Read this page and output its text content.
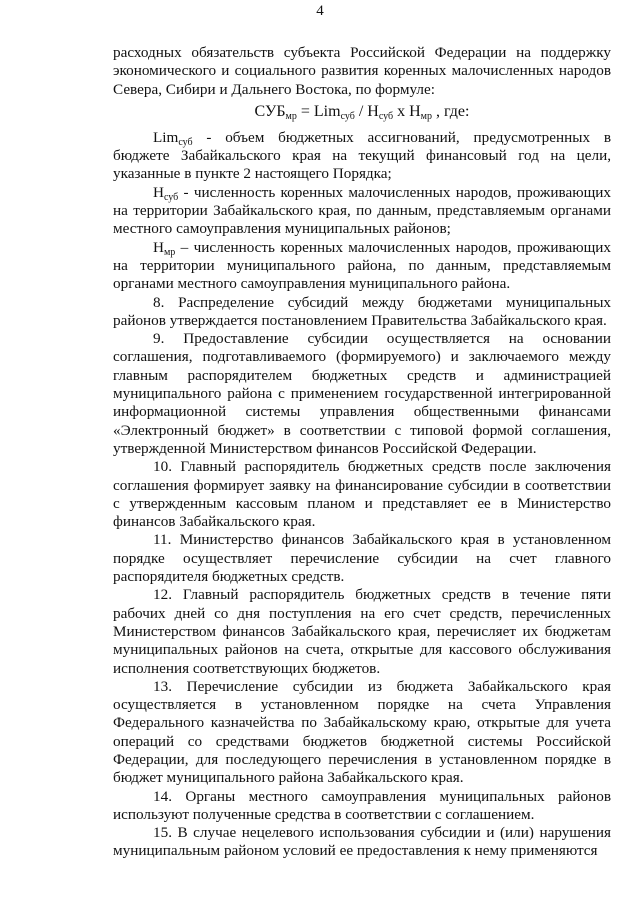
4

расходных обязательств субъекта Российской Федерации на поддержку экономического и социального развития коренных малочисленных народов Севера, Сибири и Дальнего Востока, по формуле:

$СУБ_{мр} = Lim_{суб} / Н_{суб}$ х $Н_{мр}$ , где:

Lim$_{суб}$ - объем бюджетных ассигнований, предусмотренных в бюджете Забайкальского края на текущий финансовый год на цели, указанные в пункте 2 настоящего Порядка;

$Н_{суб}$ - численность коренных малочисленных народов, проживающих на территории Забайкальского края, по данным, представляемым органами местного самоуправления муниципальных районов;

$Н_{мр}$ – численность коренных малочисленных народов, проживающих на территории муниципального района, по данным, представляемым органами местного самоуправления муниципального района.

8. Распределение субсидий между бюджетами муниципальных районов утверждается постановлением Правительства Забайкальского края.

9. Предоставление субсидии осуществляется на основании соглашения, подготавливаемого (формируемого) и заключаемого между главным распорядителем бюджетных средств и администрацией муниципального района с применением государственной интегрированной информационной системы управления общественными финансами «Электронный бюджет» в соответствии с типовой формой соглашения, утвержденной Министерством финансов Российской Федерации.

10. Главный распорядитель бюджетных средств после заключения соглашения формирует заявку на финансирование субсидии в соответствии с утвержденным кассовым планом и представляет ее в Министерство финансов Забайкальского края.

11. Министерство финансов Забайкальского края в установленном порядке осуществляет перечисление субсидии на счет главного распорядителя бюджетных средств.

12. Главный распорядитель бюджетных средств в течение пяти рабочих дней со дня поступления на его счет средств, перечисленных Министерством финансов Забайкальского края, перечисляет их бюджетам муниципальных районов на счета, открытые для кассового обслуживания исполнения соответствующих бюджетов.

13. Перечисление субсидии из бюджета Забайкальского края осуществляется в установленном порядке на счета Управления Федерального казначейства по Забайкальскому краю, открытые для учета операций со средствами бюджетов бюджетной системы Российской Федерации, для последующего перечисления в установленном порядке в бюджет муниципального района Забайкальского края.

14. Органы местного самоуправления муниципальных районов используют полученные средства в соответствии с соглашением.

15. В случае нецелевого использования субсидии и (или) нарушения муниципальным районом условий ее предоставления к нему применяются
